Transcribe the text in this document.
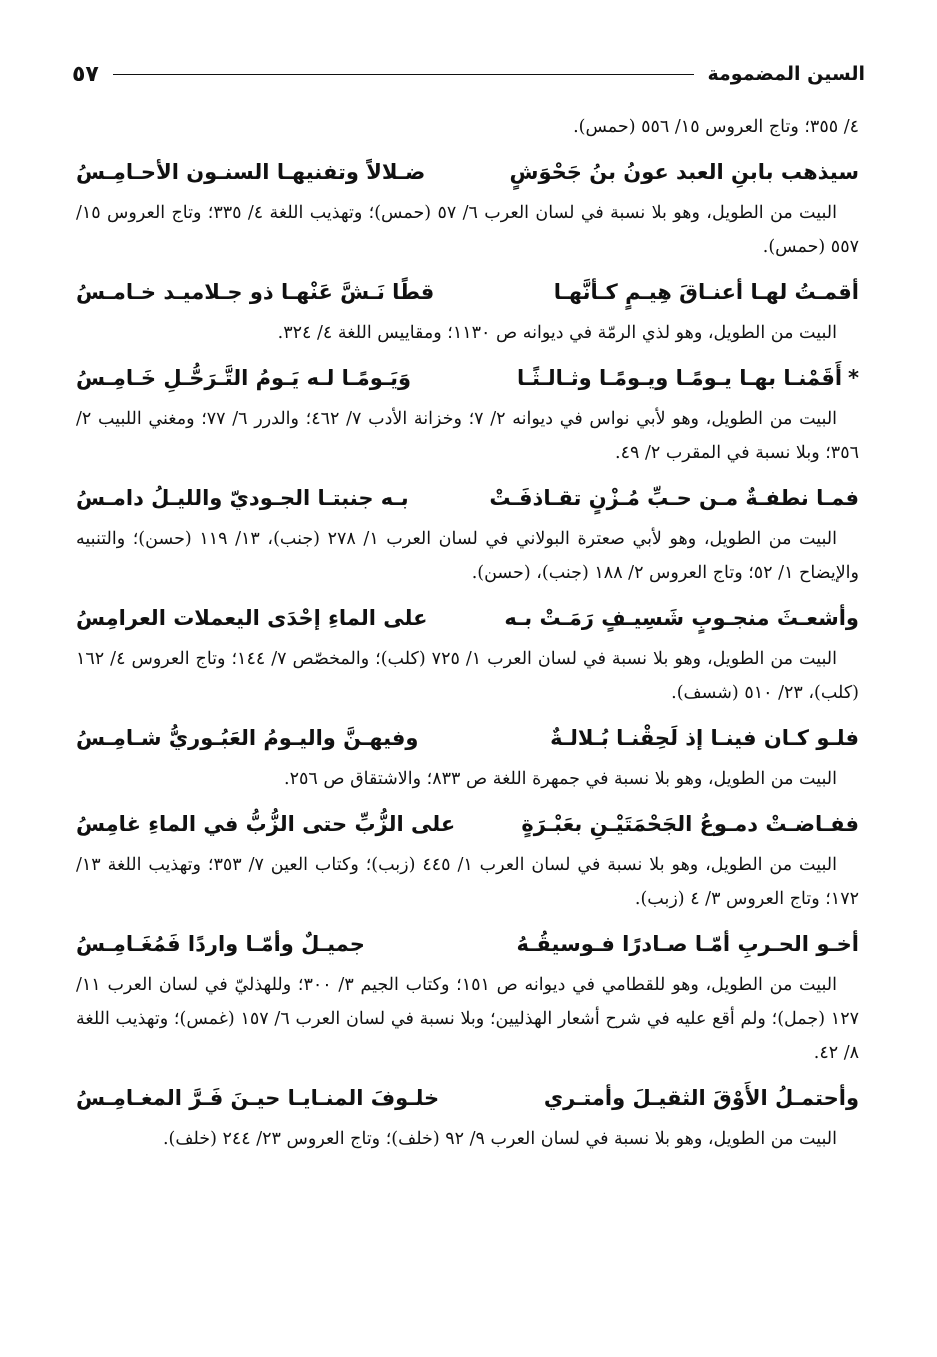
السين المضمومة
٥٧

٤/ ٣٥٥؛ وتاج العروس ١٥/ ٥٥٦ (حمس).

سيذهب بابنِ العبد عونُ بنُ جَحْوَشٍ
ضـلالاً وتفنيهـا السنـون الأحـامِـسُ

البيت من الطويل، وهو بلا نسبة في لسان العرب ٦/ ٥٧ (حمس)؛ وتهذيب اللغة ٤/ ٣٣٥؛ وتاج العروس ١٥/ ٥٥٧ (حمس).

أقمـتُ لهـا أعنـاقَ هِيـمٍ كـأنَّهـا
قطًا نَـشَّ عَنْهـا ذو جـلاميـد خـامـسُ

البيت من الطويل، وهو لذي الرمّة في ديوانه ص ١١٣٠؛ ومقاييس اللغة ٤/ ٣٢٤.

*
أَقَمْنـا بهـا يـومًـا ويـومًـا وثـالـثًـا
وَيَـومًـا لـه يَـومُ التَّـرَحُّـلِ خَـامِـسُ

البيت من الطويل، وهو لأبي نواس في ديوانه ٢/ ٧؛ وخزانة الأدب ٧/ ٤٦٢؛ والدرر ٦/ ٧٧؛ ومغني اللبيب ٢/ ٣٥٦؛ وبلا نسبة في المقرب ٢/ ٤٩.

فمـا نطفـةٌ مـن حـبِّ مُـزْنٍ تقـاذفَـتْ
بـه جنبتـا الجـوديّ والليـلُ دامـسُ

البيت من الطويل، وهو لأبي صعترة البولاني في لسان العرب ١/ ٢٧٨ (جنب)، ١٣/ ١١٩ (حسن)؛ والتنبيه والإيضاح ١/ ٥٢؛ وتاج العروس ٢/ ١٨٨ (جنب)، (حسن).

وأشعـثَ منجـوبٍ شَسِيـفٍ رَمَـتْ بـه
على الماءِ إحْدَى اليعملات العرامِسُ

البيت من الطويل، وهو بلا نسبة في لسان العرب ١/ ٧٢٥ (كلب)؛ والمخصّص ٧/ ١٤٤؛ وتاج العروس ٤/ ١٦٢ (كلب)، ٢٣/ ٥١٠ (شسف).

فلـو كـان فينـا إذ لَحِقْنـا بُـلالـةٌ
وفيهـنَّ واليـومُ العَبُـوريُّ شـامِـسُ

البيت من الطويل، وهو بلا نسبة في جمهرة اللغة ص ٨٣٣؛ والاشتقاق ص ٢٥٦.

ففـاضـتْ دمـوعُ الجَحْمَتَيْـنِ بعَبْـرَةٍ
على الزُّبِّ حتى الزُّبُّ في الماءِ غامِسُ

البيت من الطويل، وهو بلا نسبة في لسان العرب ١/ ٤٤٥ (زبب)؛ وكتاب العين ٧/ ٣٥٣؛ وتهذيب اللغة ١٣/ ١٧٢؛ وتاج العروس ٣/ ٤ (زبب).

أخـو الحـربِ أمّـا صـادرًا فـوسيقُـهُ
جميـلٌ وأمّـا واردًا فَمُغَـامِـسُ

البيت من الطويل، وهو للقطامي في ديوانه ص ١٥١؛ وكتاب الجيم ٣/ ٣٠٠؛ وللهذليّ في لسان العرب ١١/ ١٢٧ (جمل)؛ ولم أقع عليه في شرح أشعار الهذليين؛ وبلا نسبة في لسان العرب ٦/ ١٥٧ (غمس)؛ وتهذيب اللغة ٨/ ٤٢.

وأحتمـلُ الأَوْقَ الثقيـلَ وأمتـري
خلـوفَ المنـايـا حيـنَ فَـرَّ المغـامِـسُ

البيت من الطويل، وهو بلا نسبة في لسان العرب ٩/ ٩٢ (خلف)؛ وتاج العروس ٢٣/ ٢٤٤ (خلف).
